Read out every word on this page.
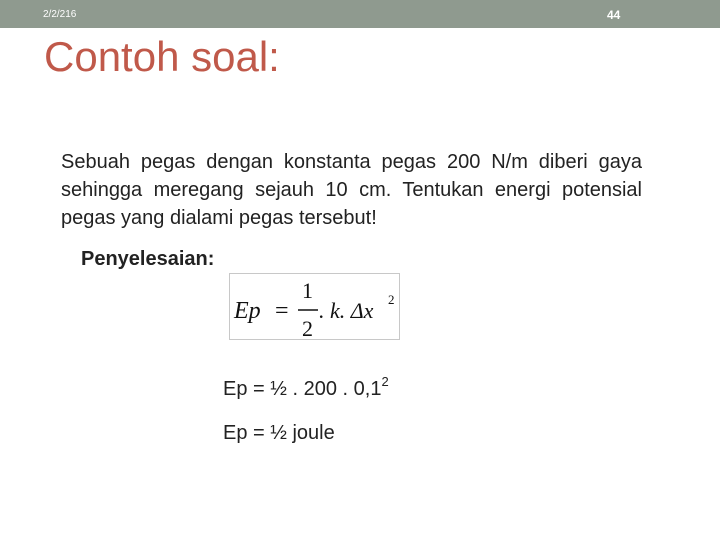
2/2/216	44
Contoh soal:
Sebuah pegas dengan konstanta pegas 200 N/m diberi gaya sehingga meregang sejauh 10 cm. Tentukan energi potensial pegas yang dialami pegas tersebut!
Penyelesaian:
Ep =
1
2
. k. Δx 2
Ep = ½ . 200 . $0,1^2$
Ep = ½ joule
